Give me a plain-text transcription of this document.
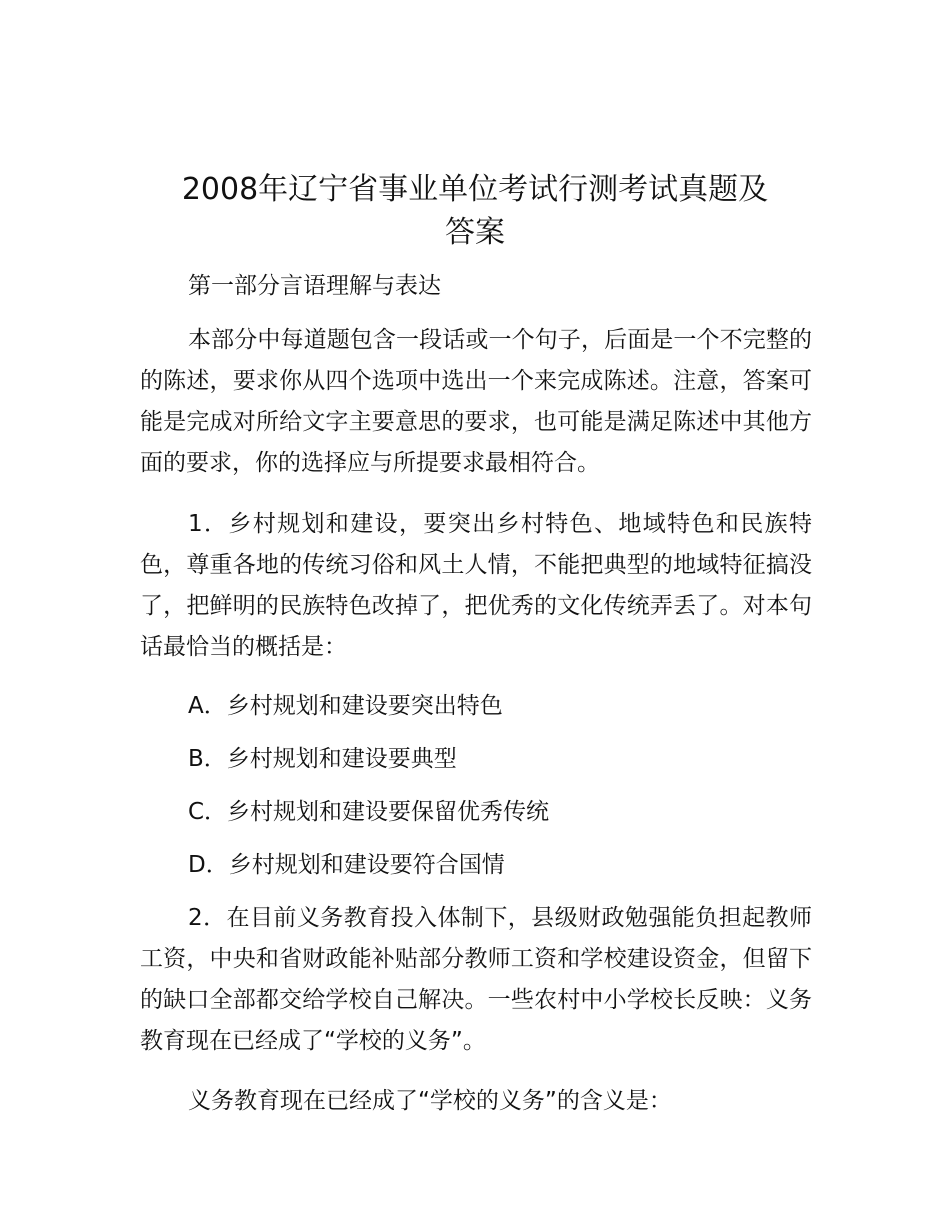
2008年辽宁省事业单位考试行测考试真题及
答案

第一部分言语理解与表达

本部分中每道题包含一段话或一个句子，后面是一个不完整的的陈述，要求你从四个选项中选出一个来完成陈述。注意，答案可能是完成对所给文字主要意思的要求，也可能是满足陈述中其他方面的要求，你的选择应与所提要求最相符合。

1．乡村规划和建设，要突出乡村特色、地域特色和民族特色，尊重各地的传统习俗和风土人情，不能把典型的地域特征搞没了，把鲜明的民族特色改掉了，把优秀的文化传统弄丢了。对本句话最恰当的概括是：

A．乡村规划和建设要突出特色

B．乡村规划和建设要典型

C．乡村规划和建设要保留优秀传统

D．乡村规划和建设要符合国情

2．在目前义务教育投入体制下，县级财政勉强能负担起教师工资，中央和省财政能补贴部分教师工资和学校建设资金，但留下的缺口全部都交给学校自己解决。一些农村中小学校长反映：义务教育现在已经成了“学校的义务”。

义务教育现在已经成了“学校的义务”的含义是：
